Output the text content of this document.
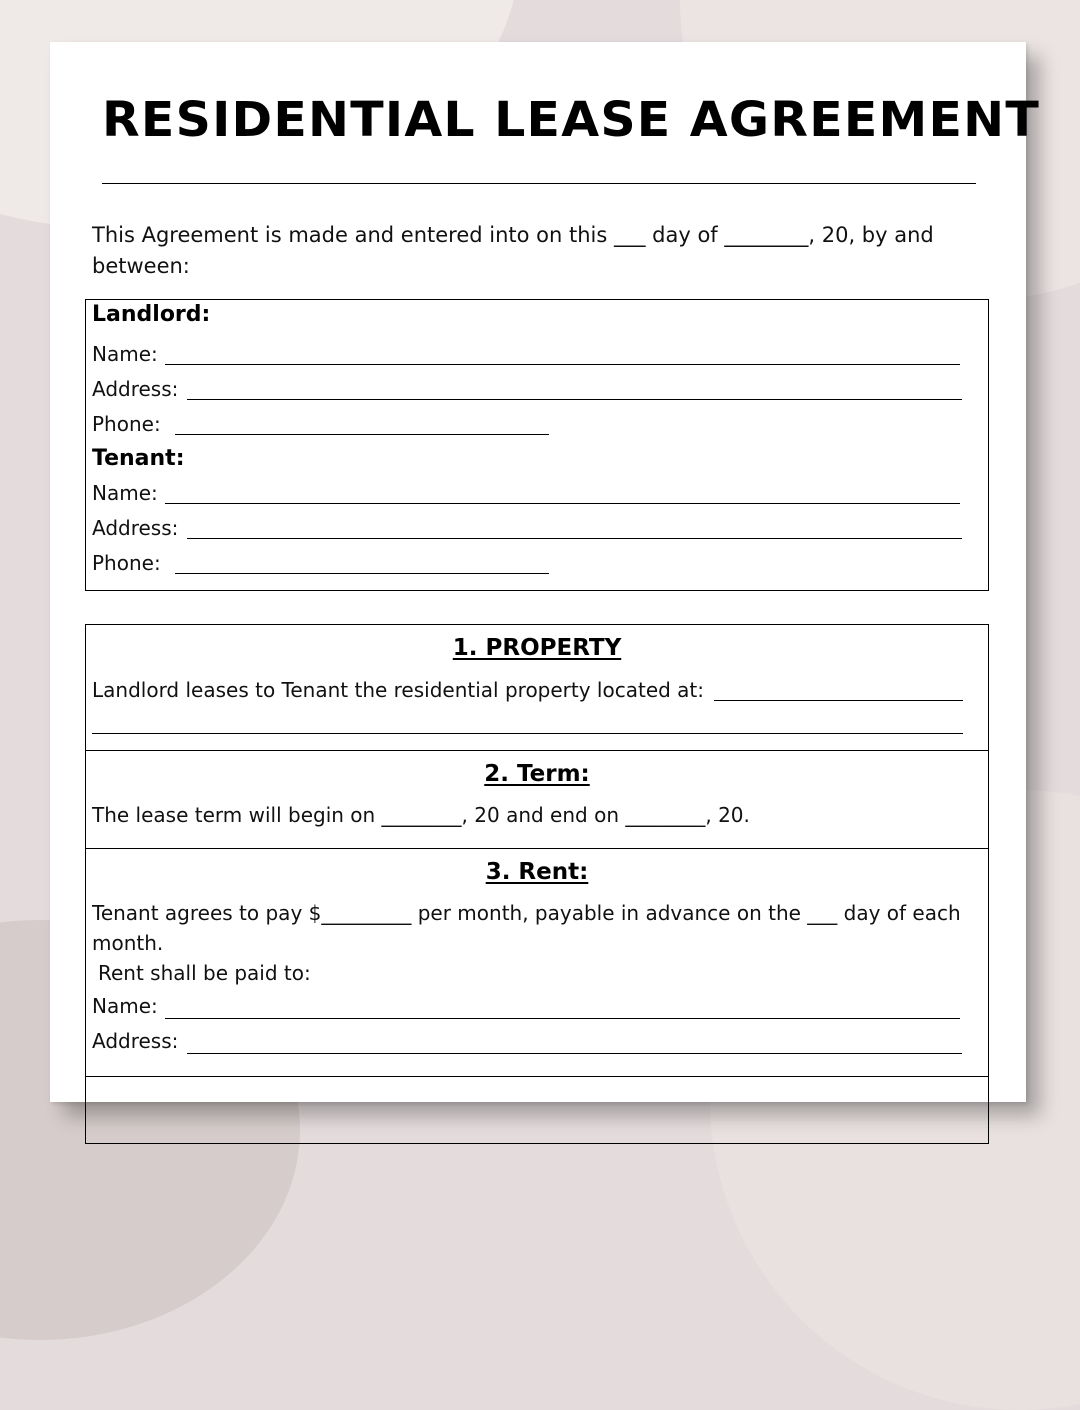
RESIDENTIAL LEASE AGREEMENT
This Agreement is made and entered into on this ___ day of ________, 20, by and
between:
Landlord:
Name:
Address:
Phone:
Tenant:
Name:
Address:
Phone:
1. PROPERTY
Landlord leases to Tenant the residential property located at:
2. Term:
The lease term will begin on ________, 20 and end on ________, 20.
3. Rent:
Tenant agrees to pay $_________ per month, payable in advance on the ___ day of each
month.
Rent shall be paid to:
Name:
Address:
